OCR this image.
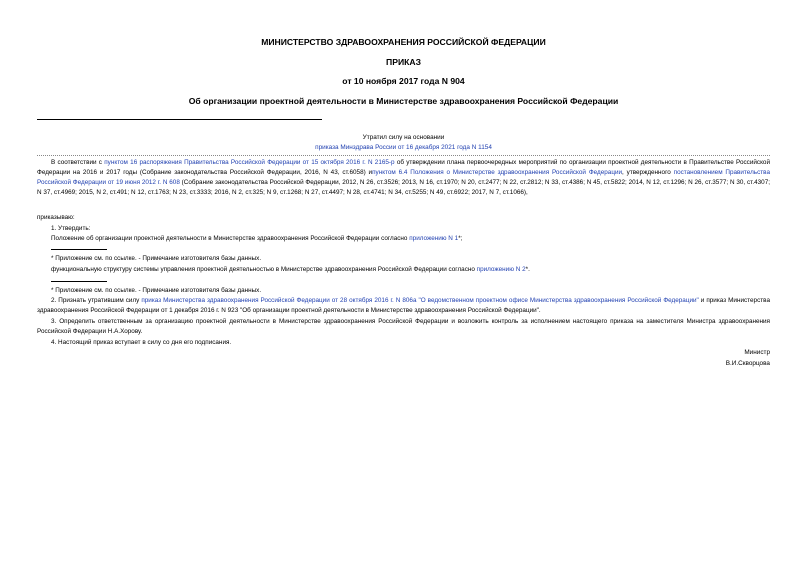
МИНИСТЕРСТВО ЗДРАВООХРАНЕНИЯ РОССИЙСКОЙ ФЕДЕРАЦИИ
ПРИКАЗ
от 10 ноября 2017 года N 904
Об организации проектной деятельности в Министерстве здравоохранения Российской Федерации
Утратил силу на основании
приказа Минздрава России от 16 декабря 2021 года N 1154
В соответствии с пунктом 16 распоряжения Правительства Российской Федерации от 15 октября 2016 г. N 2165-р об утверждении плана первоочередных мероприятий по организации проектной деятельности в Правительстве Российской Федерации на 2016 и 2017 годы (Собрание законодательства Российской Федерации, 2016, N 43, ст.6058) ипунктом 6.4 Положения о Министерстве здравоохранения Российской Федерации, утвержденного постановлением Правительства Российской Федерации от 19 июня 2012 г. N 608 (Собрание законодательства Российской Федерации, 2012, N 26, ст.3526; 2013, N 16, ст.1970; N 20, ст.2477; N 22, ст.2812; N 33, ст.4386; N 45, ст.5822; 2014, N 12, ст.1296; N 26, ст.3577; N 30, ст.4307; N 37, ст.4969; 2015, N 2, ст.491; N 12, ст.1763; N 23, ст.3333; 2016, N 2, ст.325; N 9, ст.1268; N 27, ст.4497; N 28, ст.4741; N 34, ст.5255; N 49, ст.6922; 2017, N 7, ст.1066),
приказываю:
1. Утвердить:
Положение об организации проектной деятельности в Министерстве здравоохранения Российской Федерации согласно приложению N 1*;
* Приложение см. по ссылке. - Примечание изготовителя базы данных.
функциональную структуру системы управления проектной деятельностью в Министерстве здравоохранения Российской Федерации согласно приложению N 2*.
* Приложение см. по ссылке. - Примечание изготовителя базы данных.
2. Признать утратившим силу приказ Министерства здравоохранения Российской Федерации от 28 октября 2016 г. N 806а "О ведомственном проектном офисе Министерства здравоохранения Российской Федерации" и приказ Министерства здравоохранения Российской Федерации от 1 декабря 2016 г. N 923 "Об организации проектной деятельности в Министерстве здравоохранения Российской Федерации".
3. Определить ответственным за организацию проектной деятельности в Министерстве здравоохранения Российской Федерации и возложить контроль за исполнением настоящего приказа на заместителя Министра здравоохранения Российской Федерации Н.А.Хорову.
4. Настоящий приказ вступает в силу со дня его подписания.
Министр
В.И.Скворцова
